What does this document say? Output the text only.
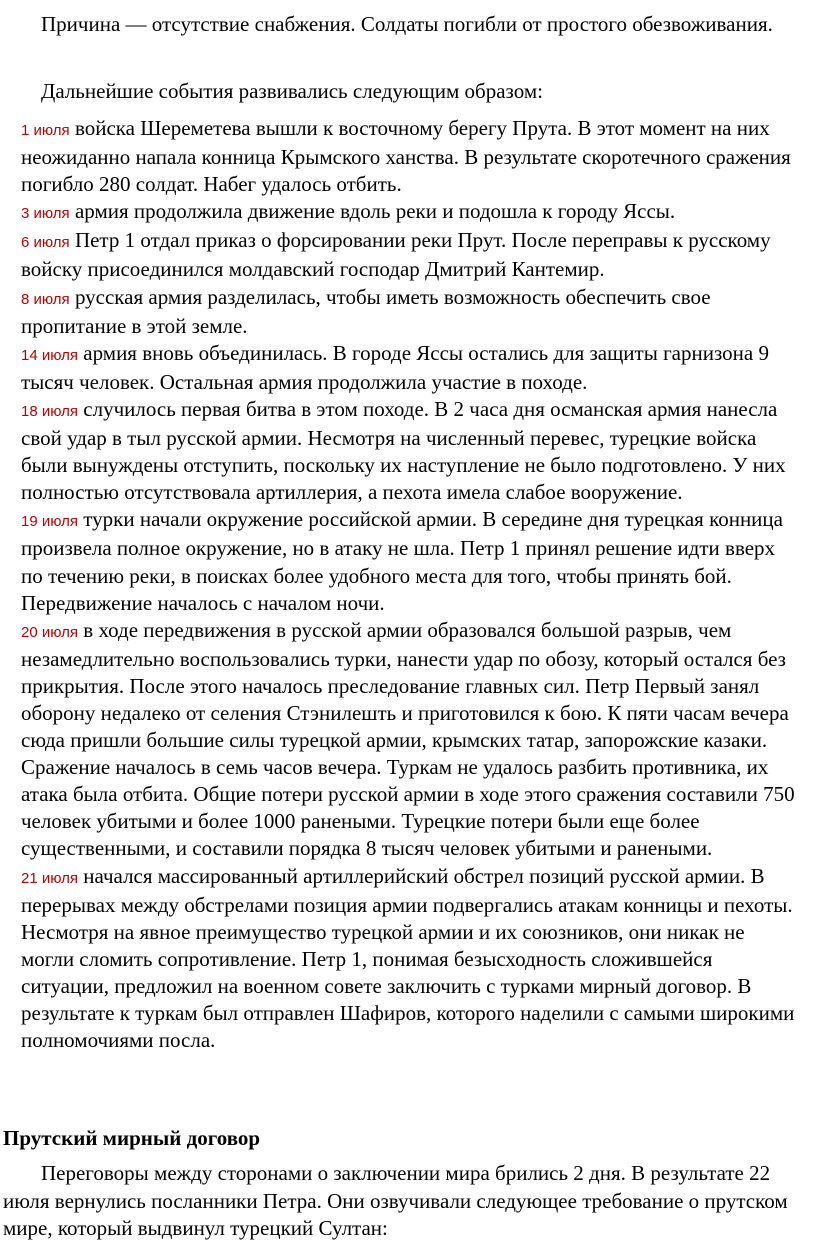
Причина — отсутствие снабжения. Солдаты погибли от простого обезвоживания.

Дальнейшие события развивались следующим образом:

1 июля войска Шереметева вышли к восточному берегу Прута. В этот момент на них неожиданно напала конница Крымского ханства. В результате скоротечного сражения погибло 280 солдат. Набег удалось отбить.

3 июля армия продолжила движение вдоль реки и подошла к городу Яссы.

6 июля Петр 1 отдал приказ о форсировании реки Прут. После переправы к русскому войску присоединился молдавский господар Дмитрий Кантемир.

8 июля русская армия разделилась, чтобы иметь возможность обеспечить свое пропитание в этой земле.

14 июля армия вновь объединилась. В городе Яссы остались для защиты гарнизона 9 тысяч человек. Остальная армия продолжила участие в походе.

18 июля случилось первая битва в этом походе. В 2 часа дня османская армия нанесла свой удар в тыл русской армии. Несмотря на численный перевес, турецкие войска были вынуждены отступить, поскольку их наступление не было подготовлено. У них полностью отсутствовала артиллерия, а пехота имела слабое вооружение.

19 июля турки начали окружение российской армии. В середине дня турецкая конница произвела полное окружение, но в атаку не шла. Петр 1 принял решение идти вверх по течению реки, в поисках более удобного места для того, чтобы принять бой. Передвижение началось с началом ночи.

20 июля в ходе передвижения в русской армии образовался большой разрыв, чем незамедлительно воспользовались турки, нанести удар по обозу, который остался без прикрытия. После этого началось преследование главных сил. Петр Первый занял оборону недалеко от селения Стэнилешть и приготовился к бою. К пяти часам вечера сюда пришли большие силы турецкой армии, крымских татар, запорожские казаки. Сражение началось в семь часов вечера. Туркам не удалось разбить противника, их атака была отбита. Общие потери русской армии в ходе этого сражения составили 750 человек убитыми и более 1000 ранеными. Турецкие потери были еще более существенными, и составили порядка 8 тысяч человек убитыми и ранеными.

21 июля начался массированный артиллерийский обстрел позиций русской армии. В перерывах между обстрелами позиция армии подвергались атакам конницы и пехоты. Несмотря на явное преимущество турецкой армии и их союзников, они никак не могли сломить сопротивление. Петр 1, понимая безысходность сложившейся ситуации, предложил на военном совете заключить с турками мирный договор. В результате к туркам был отправлен Шафиров, которого наделили с самыми широкими полномочиями посла.

Прутский мирный договор

Переговоры между сторонами о заключении мира брились 2 дня. В результате 22 июля вернулись посланники Петра. Они озвучивали следующее требование о прутском мире, который выдвинул турецкий Султан:
